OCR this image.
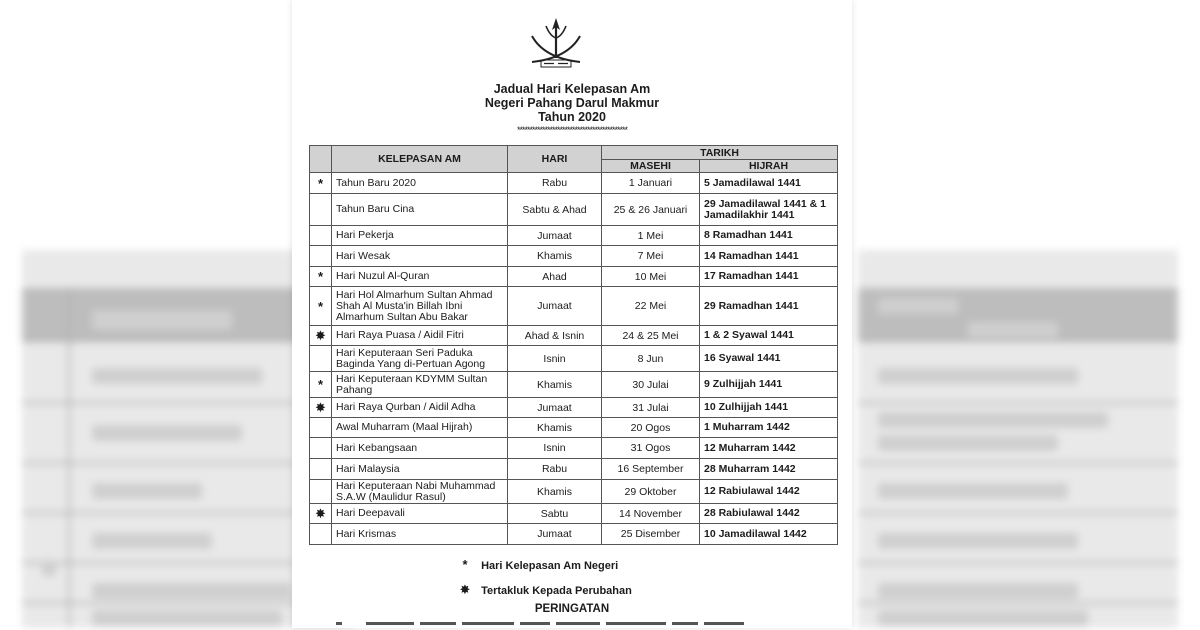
Jadual Hari Kelepasan Am
Negeri Pahang Darul Makmur
Tahun 2020
********************************************
	KELEPASAN AM	HARI	TARIKH	
			MASEHI	HIJRAH
*	Tahun Baru 2020	Rabu	1 Januari	5 Jamadilawal 1441
	Tahun Baru Cina	Sabtu & Ahad	25 & 26 Januari	29 Jamadilawal 1441 & 1 Jamadilakhir 1441
	Hari Pekerja	Jumaat	1 Mei	8 Ramadhan 1441
	Hari Wesak	Khamis	7 Mei	14 Ramadhan 1441
*	Hari Nuzul Al-Quran	Ahad	10 Mei	17 Ramadhan 1441
*	Hari Hol Almarhum Sultan Ahmad Shah Al Musta'in Billah Ibni Almarhum Sultan Abu Bakar	Jumaat	22 Mei	29 Ramadhan 1441
✸	Hari Raya Puasa / Aidil Fitri	Ahad & Isnin	24 & 25 Mei	1 & 2 Syawal 1441
	Hari Keputeraan Seri Paduka Baginda Yang di-Pertuan Agong	Isnin	8 Jun	16 Syawal 1441
*	Hari Keputeraan KDYMM Sultan Pahang	Khamis	30 Julai	9 Zulhijjah 1441
✸	Hari Raya Qurban / Aidil Adha	Jumaat	31 Julai	10 Zulhijjah 1441
	Awal Muharram (Maal Hijrah)	Khamis	20 Ogos	1 Muharram 1442
	Hari Kebangsaan	Isnin	31 Ogos	12 Muharram 1442
	Hari Malaysia	Rabu	16 September	28 Muharram 1442
	Hari Keputeraan Nabi Muhammad S.A.W (Maulidur Rasul)	Khamis	29 Oktober	12 Rabiulawal 1442
✸	Hari Deepavali	Sabtu	14 November	28 Rabiulawal 1442
	Hari Krismas	Jumaat	25 Disember	10 Jamadilawal 1442
* Hari Kelepasan Am Negeri
✸ Tertakluk Kepada Perubahan
PERINGATAN
